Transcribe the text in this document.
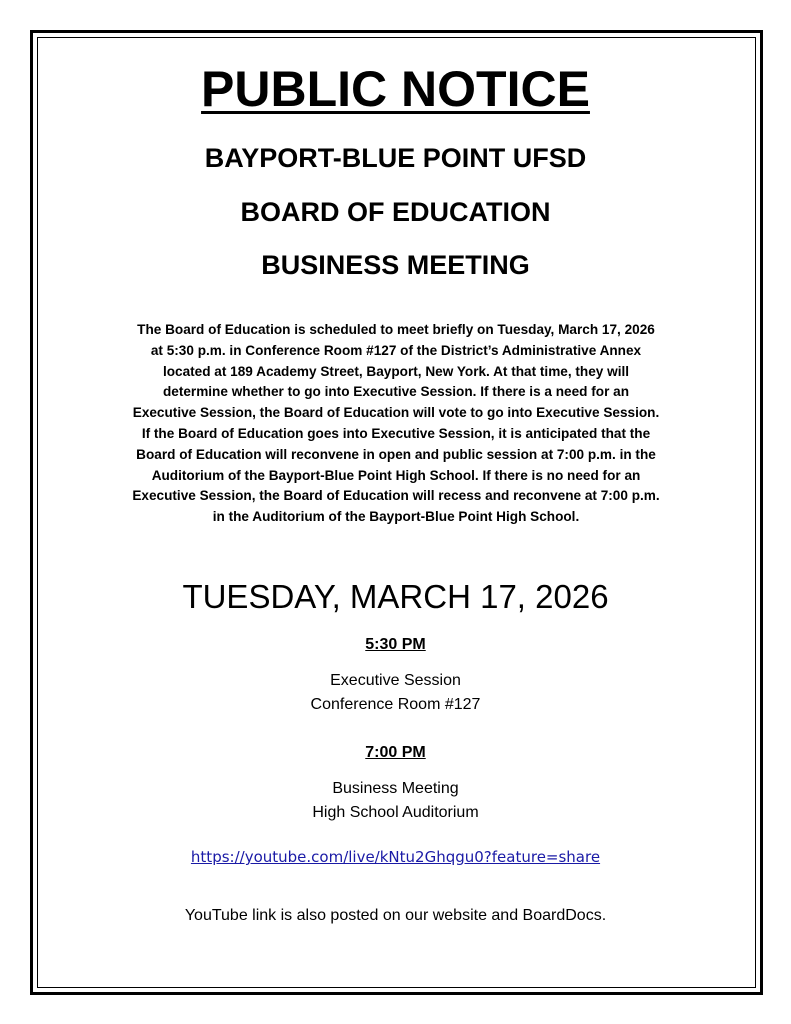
PUBLIC NOTICE
BAYPORT-BLUE POINT UFSD
BOARD OF EDUCATION
BUSINESS MEETING
The Board of Education is scheduled to meet briefly on Tuesday, March 17, 2026
at 5:30 p.m. in Conference Room #127 of the District’s Administrative Annex
located at 189 Academy Street, Bayport, New York. At that time, they will
determine whether to go into Executive Session. If there is a need for an
Executive Session, the Board of Education will vote to go into Executive Session.
If the Board of Education goes into Executive Session, it is anticipated that the
Board of Education will reconvene in open and public session at 7:00 p.m. in the
Auditorium of the Bayport-Blue Point High School. If there is no need for an
Executive Session, the Board of Education will recess and reconvene at 7:00 p.m.
in the Auditorium of the Bayport-Blue Point High School.
TUESDAY, MARCH 17, 2026
5:30 PM
Executive Session
Conference Room #127
7:00 PM
Business Meeting
High School Auditorium
https://youtube.com/live/kNtu2Ghqgu0?feature=share
YouTube link is also posted on our website and BoardDocs.
